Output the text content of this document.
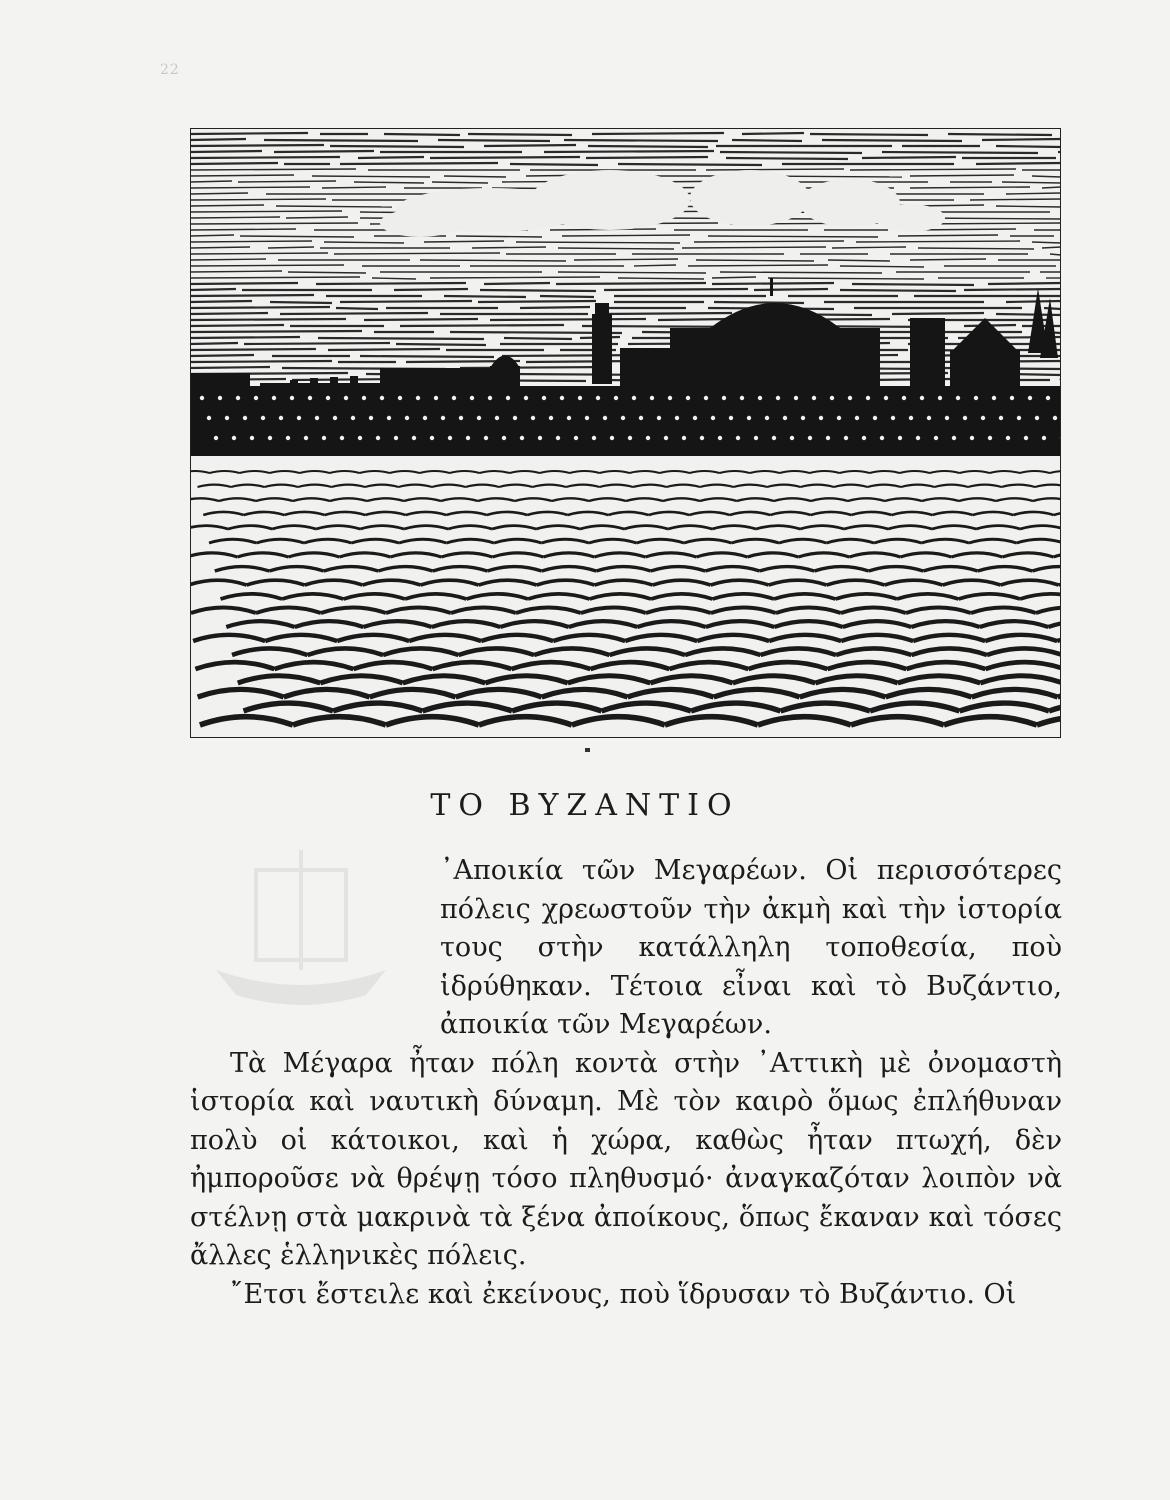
22
ΤΟ ΒΥΖΑΝΤΙΟ

᾿Αποικία τῶν Μεγαρέων. Οἱ περισσότερες πόλεις χρεωστοῦν τὴν ἀκμὴ καὶ τὴν ἱστορία τους στὴν κατάλληλη τοποθεσία, ποὺ ἱδρύθηκαν. Τέτοια εἶναι καὶ τὸ Βυζάντιο, ἀποικία τῶν Μεγαρέων.

Τὰ Μέγαρα ἦταν πόλη κοντὰ στὴν ᾿Αττικὴ μὲ ὀνομαστὴ ἱστορία καὶ ναυτικὴ δύναμη. Μὲ τὸν καιρὸ ὅμως ἐπλήθυναν πολὺ οἱ κάτοικοι, καὶ ἡ χώρα, καθὼς ἦταν πτωχή, δὲν ἠμποροῦσε νὰ θρέψῃ τόσο πληθυσμό· ἀναγκαζόταν λοιπὸν νὰ στέλνῃ στὰ μακρινὰ τὰ ξένα ἀποίκους, ὅπως ἔκαναν καὶ τόσες ἄλλες ἑλληνικὲς πόλεις.

῎Ετσι ἔστειλε καὶ ἐκείνους, ποὺ ἵδρυσαν τὸ Βυζάντιο. Οἱ
